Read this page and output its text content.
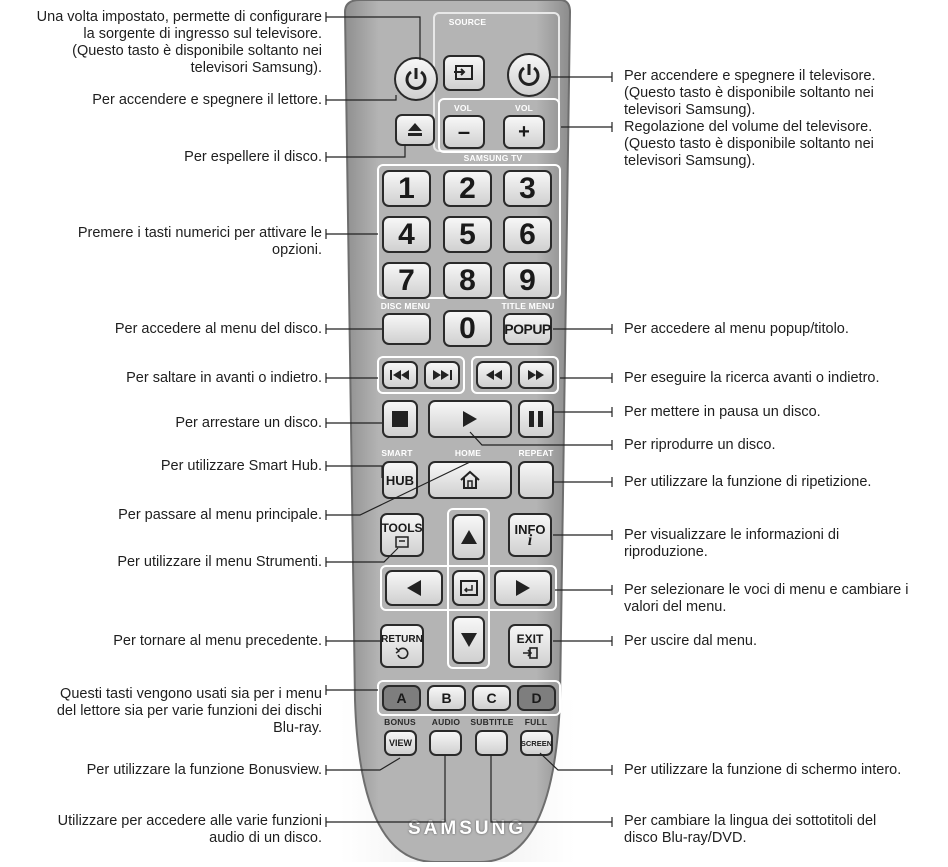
SOURCE
VOL	VOL
–	+
SAMSUNG TV
1	2	3
4	5	6
7	8	9
DISC MENU
0
TITLE MENU
POPUP
SMART
HUB
HOME	REPEAT
TOOLS	INFO
i
RETURN	EXIT
A	B	C	D
BONUS	AUDIO	SUBTITLE	FULL
VIEW	SCREEN
SAMSUNG
Una volta impostato, permette di configurare
la sorgente di ingresso sul televisore.
(Questo tasto è disponibile soltanto nei
televisori Samsung).
Per accendere e spegnere il lettore.
Per espellere il disco.
Premere i tasti numerici per attivare le
opzioni.
Per accedere al menu del disco.
Per saltare in avanti o indietro.
Per arrestare un disco.
Per utilizzare Smart Hub.
Per passare al menu principale.
Per utilizzare il menu Strumenti.
Per tornare al menu precedente.
Questi tasti vengono usati sia per i menu
del lettore sia per varie funzioni dei dischi
Blu-ray.
Per utilizzare la funzione Bonusview.
Utilizzare per accedere alle varie funzioni
audio di un disco.
Per accendere e spegnere il televisore.
(Questo tasto è disponibile soltanto nei
televisori Samsung).
Regolazione del volume del televisore.
(Questo tasto è disponibile soltanto nei
televisori Samsung).
Per accedere al menu popup/titolo.
Per eseguire la ricerca avanti o indietro.
Per mettere in pausa un disco.
Per riprodurre un disco.
Per utilizzare la funzione di ripetizione.
Per visualizzare le informazioni di
riproduzione.
Per selezionare le voci di menu e cambiare i
valori del menu.
Per uscire dal menu.
Per utilizzare la funzione di schermo intero.
Per cambiare la lingua dei sottotitoli del
disco Blu-ray/DVD.
